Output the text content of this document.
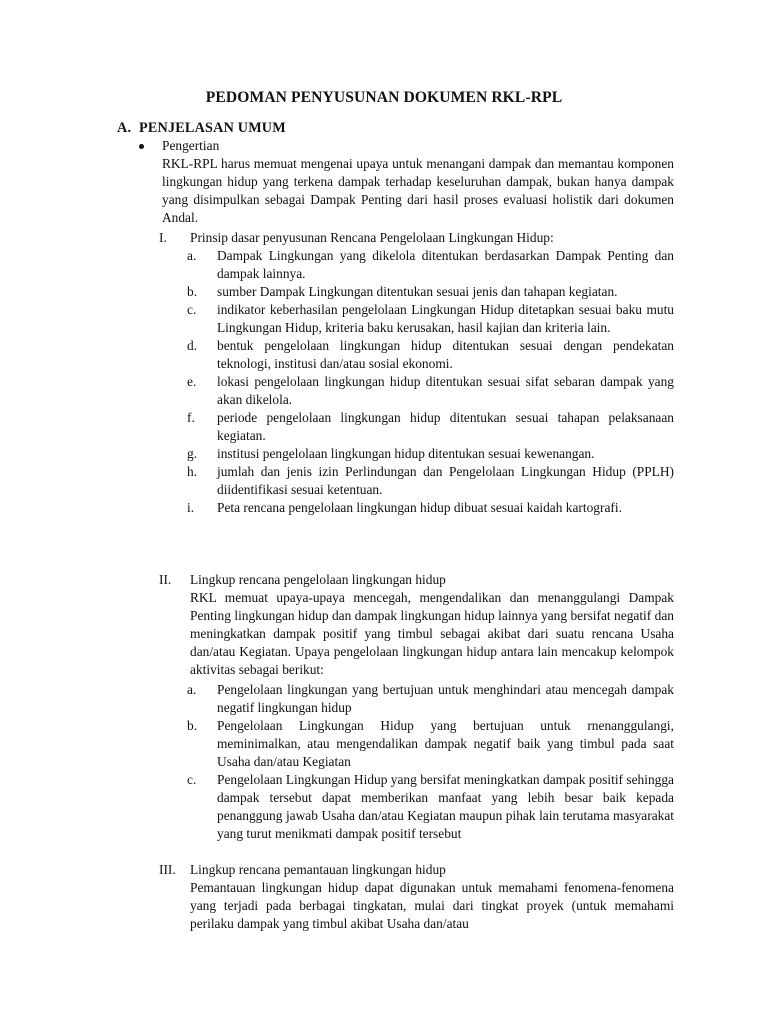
PEDOMAN PENYUSUNAN DOKUMEN RKL-RPL
A. PENJELASAN UMUM
Pengertian
RKL-RPL harus memuat mengenai upaya untuk menangani dampak dan memantau komponen lingkungan hidup yang terkena dampak terhadap keseluruhan dampak, bukan hanya dampak yang disimpulkan sebagai Dampak Penting dari hasil proses evaluasi holistik dari dokumen Andal.
I.	Prinsip dasar penyusunan Rencana Pengelolaan Lingkungan Hidup:
a.	Dampak Lingkungan yang dikelola ditentukan berdasarkan Dampak Penting dan dampak lainnya.
b.	sumber Dampak Lingkungan ditentukan sesuai jenis dan tahapan kegiatan.
c.	indikator keberhasilan pengelolaan Lingkungan Hidup ditetapkan sesuai baku mutu Lingkungan Hidup, kriteria baku kerusakan, hasil kajian dan kriteria lain.
d.	bentuk pengelolaan lingkungan hidup ditentukan sesuai dengan pendekatan teknologi, institusi dan/atau sosial ekonomi.
e.	lokasi pengelolaan lingkungan hidup ditentukan sesuai sifat sebaran dampak yang akan dikelola.
f.	periode pengelolaan lingkungan hidup ditentukan sesuai tahapan pelaksanaan kegiatan.
g.	institusi pengelolaan lingkungan hidup ditentukan sesuai kewenangan.
h.	jumlah dan jenis izin Perlindungan dan Pengelolaan Lingkungan Hidup (PPLH) diidentifikasi sesuai ketentuan.
i.	Peta rencana pengelolaan lingkungan hidup dibuat sesuai kaidah kartografi.
II.	Lingkup rencana pengelolaan lingkungan hidup
RKL memuat upaya-upaya mencegah, mengendalikan dan menanggulangi Dampak Penting lingkungan hidup dan dampak lingkungan hidup lainnya yang bersifat negatif dan meningkatkan dampak positif yang timbul sebagai akibat dari suatu rencana Usaha dan/atau Kegiatan. Upaya pengelolaan lingkungan hidup antara lain mencakup kelompok aktivitas sebagai berikut:
a.	Pengelolaan lingkungan yang bertujuan untuk menghindari atau mencegah dampak negatif lingkungan hidup
b.	Pengelolaan Lingkungan Hidup yang bertujuan untuk rnenanggulangi, meminimalkan, atau mengendalikan dampak negatif baik yang timbul pada saat Usaha dan/atau Kegiatan
c.	Pengelolaan Lingkungan Hidup yang bersifat meningkatkan dampak positif sehingga dampak tersebut dapat memberikan manfaat yang lebih besar baik kepada penanggung jawab Usaha dan/atau Kegiatan maupun pihak lain terutama masyarakat yang turut menikmati dampak positif tersebut
III.	Lingkup rencana pemantauan lingkungan hidup
Pemantauan lingkungan hidup dapat digunakan untuk memahami fenomena-fenomena yang terjadi pada berbagai tingkatan, mulai dari tingkat proyek (untuk memahami perilaku dampak yang timbul akibat Usaha dan/atau
